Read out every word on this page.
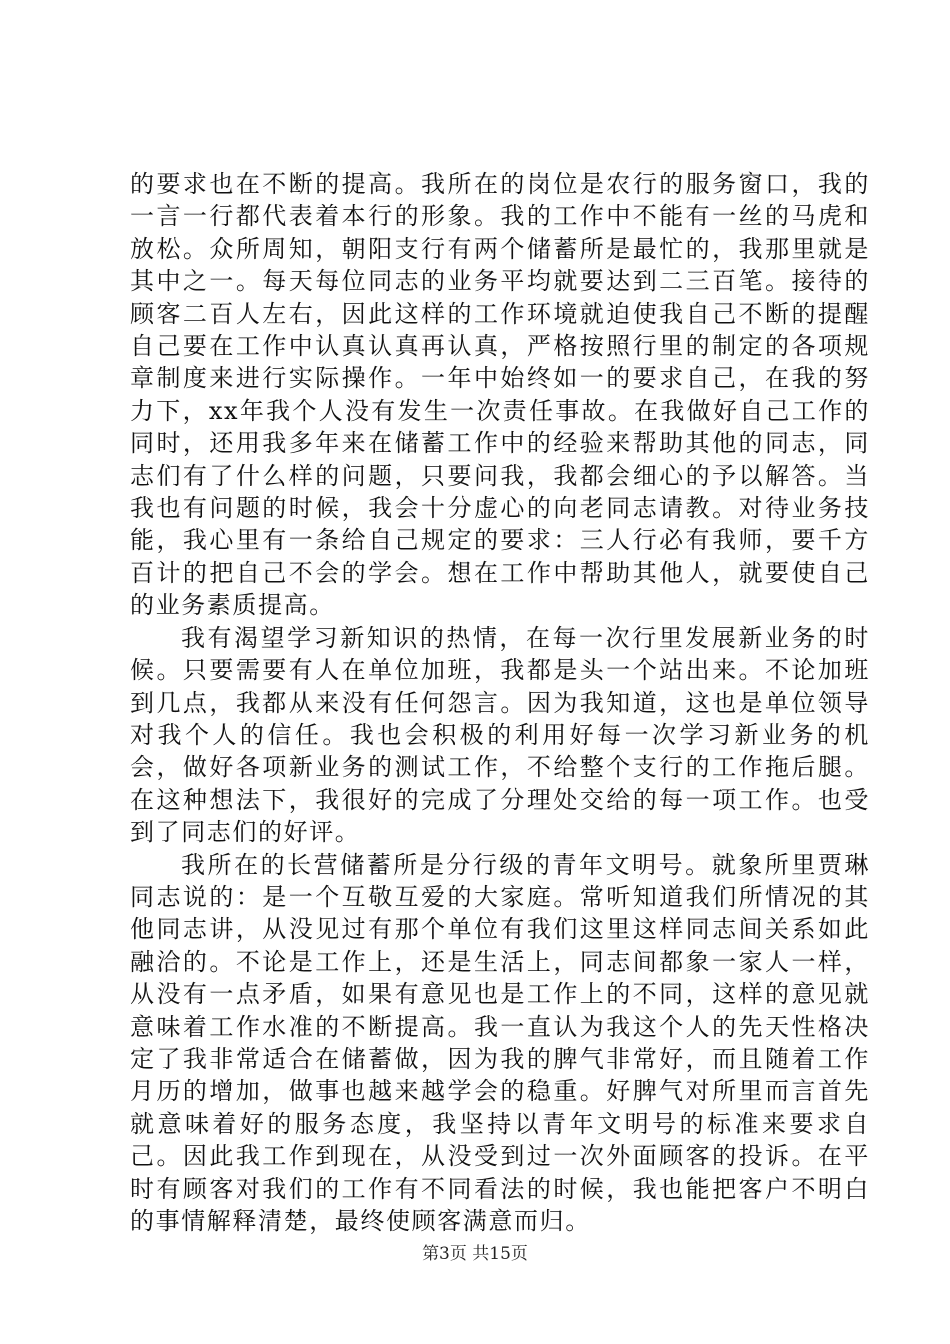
的要求也在不断的提高。我所在的岗位是农行的服务窗口，我的一言一行都代表着本行的形象。我的工作中不能有一丝的马虎和放松。众所周知，朝阳支行有两个储蓄所是最忙的，我那里就是其中之一。每天每位同志的业务平均就要达到二三百笔。接待的顾客二百人左右，因此这样的工作环境就迫使我自己不断的提醒自己要在工作中认真认真再认真，严格按照行里的制定的各项规章制度来进行实际操作。一年中始终如一的要求自己，在我的努力下，xx年我个人没有发生一次责任事故。在我做好自己工作的同时，还用我多年来在储蓄工作中的经验来帮助其他的同志，同志们有了什么样的问题，只要问我，我都会细心的予以解答。当我也有问题的时候，我会十分虚心的向老同志请教。对待业务技能，我心里有一条给自己规定的要求：三人行必有我师，要千方百计的把自己不会的学会。想在工作中帮助其他人，就要使自己的业务素质提高。

我有渴望学习新知识的热情，在每一次行里发展新业务的时候。只要需要有人在单位加班，我都是头一个站出来。不论加班到几点，我都从来没有任何怨言。因为我知道，这也是单位领导对我个人的信任。我也会积极的利用好每一次学习新业务的机会，做好各项新业务的测试工作，不给整个支行的工作拖后腿。在这种想法下，我很好的完成了分理处交给的每一项工作。也受到了同志们的好评。

我所在的长营储蓄所是分行级的青年文明号。就象所里贾琳同志说的：是一个互敬互爱的大家庭。常听知道我们所情况的其他同志讲，从没见过有那个单位有我们这里这样同志间关系如此融洽的。不论是工作上，还是生活上，同志间都象一家人一样，从没有一点矛盾，如果有意见也是工作上的不同，这样的意见就意味着工作水准的不断提高。我一直认为我这个人的先天性格决定了我非常适合在储蓄做，因为我的脾气非常好，而且随着工作月历的增加，做事也越来越学会的稳重。好脾气对所里而言首先就意味着好的服务态度，我坚持以青年文明号的标准来要求自己。因此我工作到现在，从没受到过一次外面顾客的投诉。在平时有顾客对我们的工作有不同看法的时候，我也能把客户不明白的事情解释清楚，最终使顾客满意而归。

第3页 共15页
